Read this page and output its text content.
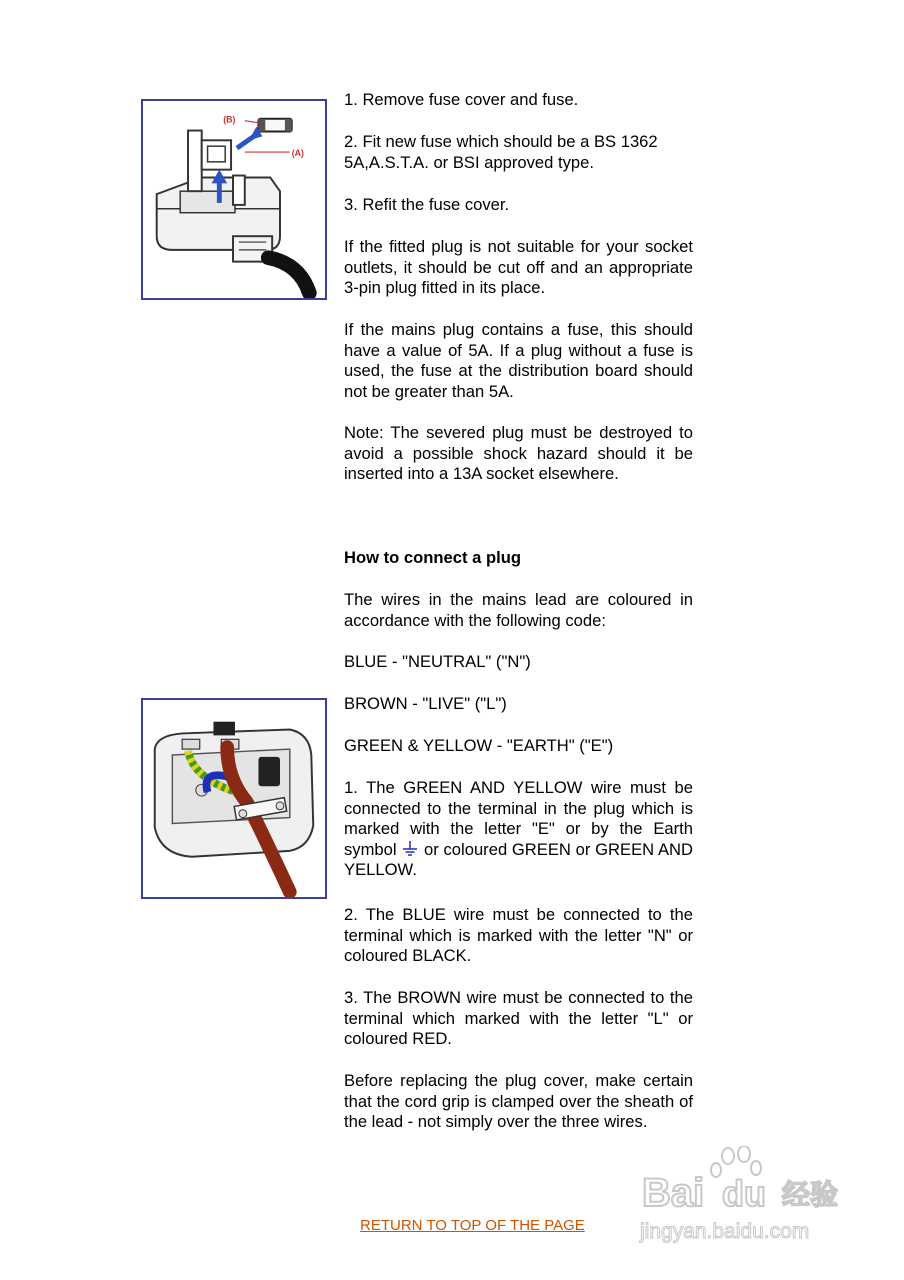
(B)
(A)

1. Remove fuse cover and fuse.

2. Fit new fuse which should be a BS 1362 5A,A.S.T.A. or BSI approved type.

3. Refit the fuse cover.

If the fitted plug is not suitable for your socket outlets, it should be cut off and an appropriate 3-pin plug fitted in its place.

If the mains plug contains a fuse, this should have a value of 5A. If a plug without a fuse is used, the fuse at the distribution board should not be greater than 5A.

Note: The severed plug must be destroyed to avoid a possible shock hazard should it be inserted into a 13A socket elsewhere.

How to connect a plug

The wires in the mains lead are coloured in accordance with the following code:

BLUE - "NEUTRAL" ("N")

BROWN - "LIVE" ("L")

GREEN & YELLOW - "EARTH" ("E")

1. The GREEN AND YELLOW wire must be connected to the terminal in the plug which is marked with the letter "E" or by the Earth symbol or coloured GREEN or GREEN AND YELLOW.

2. The BLUE wire must be connected to the terminal which is marked with the letter "N" or coloured BLACK.

3. The BROWN wire must be connected to the terminal which marked with the letter "L" or coloured RED.

Before replacing the plug cover, make certain that the cord grip is clamped over the sheath of the lead - not simply over the three wires.

RETURN TO TOP OF THE PAGE
Bai du 经验
jingyan.baidu.com
